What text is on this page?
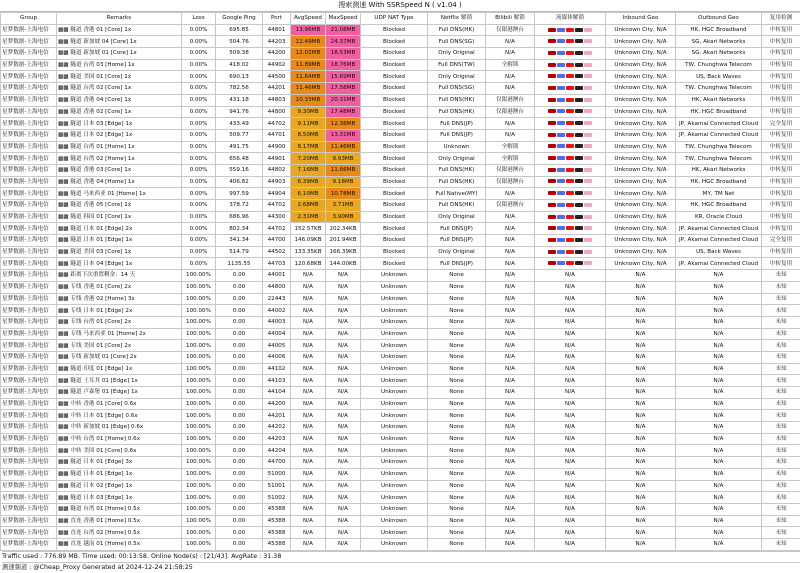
搜索测速 With SSRSpeed N ( v1.04 )
Group	Remarks	Loss	Google Ping	Port	AvgSpeed	MaxSpeed	UDP NAT Type	Netflix 解锁	Bilibili 解锁	流媒体解锁	Inbound Geo	Outbound Geo	复用检测
星梦数据-上海电信	▩▩ 隧道 香港 01 [Core] 1x	0.00%	695.85	44801	13.96MB	21.08MB	Blocked	Full DNS(HK)	仅限港澳台		Unknown City, N/A	HK, HGC Broadband	中转复用
星梦数据-上海电信	▩▩ 隧道 新加坡 04 [Core] 1x	0.00%	504.76	44203	12.49MB	24.37MB	Blocked	Full DNS(SG)	N/A		Unknown City, N/A	SG, Akari Networks	中转复用
星梦数据-上海电信	▩▩ 隧道 新加坡 01 [Core] 1x	0.00%	509.38	44200	12.02MB	18.53MB	Blocked	Only Original	N/A		Unknown City, N/A	SG, Akari Networks	中转复用
星梦数据-上海电信	▩▩ 隧道 台湾 03 [Home] 1x	0.00%	418.02	44902	11.89MB	18.76MB	Blocked	Full DNS(TW)	全解锁		Unknown City, N/A	TW, Chunghwa Telecom	中转复用
星梦数据-上海电信	▩▩ 隧道 美国 01 [Core] 1x	0.00%	690.13	44500	11.64MB	15.69MB	Blocked	Only Original	N/A		Unknown City, N/A	US, Back Waves	中转复用
星梦数据-上海电信	▩▩ 隧道 台湾 02 [Core] 1x	0.00%	782.56	44201	11.46MB	17.58MB	Blocked	Full DNS(SG)	N/A		Unknown City, N/A	TW, Chunghwa Telecom	中转复用
星梦数据-上海电信	▩▩ 隧道 香港 04 [Core] 1x	0.00%	431.18	44803	10.33MB	20.31MB	Blocked	Full DNS(HK)	仅限港澳台		Unknown City, N/A	HK, Akari Networks	中转复用
星梦数据-上海电信	▩▩ 隧道 香港 02 [Core] 1x	0.00%	941.76	44800	9.30MB	17.48MB	Blocked	Full DNS(HK)	仅限港澳台		Unknown City, N/A	HK, HGC Broadband	中转复用
星梦数据-上海电信	▩▩ 隧道 日本 03 [Edge] 1x	0.00%	433.49	44702	9.11MB	12.38MB	Blocked	Full DNS(JP)	N/A		Unknown City, N/A	JP, Akamai Connected Cloud	完全复用
星梦数据-上海电信	▩▩ 隧道 日本 02 [Edge] 1x	0.00%	509.77	44701	8.50MB	13.31MB	Blocked	Full DNS(JP)	N/A		Unknown City, N/A	JP, Akamai Connected Cloud	中转复用
星梦数据-上海电信	▩▩ 隧道 台湾 01 [Home] 1x	0.00%	491.75	44900	8.17MB	11.46MB	Blocked	Unknown	全解锁		Unknown City, N/A	TW, Chunghwa Telecom	中转复用
星梦数据-上海电信	▩▩ 隧道 台湾 02 [Home] 1x	0.00%	656.48	44901	7.20MB	9.93MB	Blocked	Only Original	全解锁		Unknown City, N/A	TW, Chunghwa Telecom	中转复用
星梦数据-上海电信	▩▩ 隧道 香港 03 [Core] 1x	0.00%	559.16	44802	7.16MB	11.66MB	Blocked	Full DNS(HK)	仅限港澳台		Unknown City, N/A	HK, Akari Networks	中转复用
星梦数据-上海电信	▩▩ 隧道 香港 04 [Home] 1x	0.00%	406.82	44903	6.39MB	9.18MB	Blocked	Full DNS(HK)	仅限港澳台		Unknown City, N/A	HK, HGC Broadband	中转复用
星梦数据-上海电信	▩▩ 隧道 马来西亚 01 [Home] 1x	0.00%	997.59	44904	6.10MB	10.78MB	Blocked	Full Native(MY)	N/A		Unknown City, N/A	MY, TM Net	中转复用
星梦数据-上海电信	▩▩ 隧道 香港 05 [Core] 1x	0.00%	378.72	44702	2.68MB	3.71MB	Blocked	Full DNS(HK)	仅限港澳台		Unknown City, N/A	HK, HGC Broadband	中转复用
星梦数据-上海电信	▩▩ 隧道 韩国 01 [Core] 1x	0.00%	686.96	44300	2.31MB	3.90MB	Blocked	Only Original	N/A		Unknown City, N/A	KR, Oracle Cloud	中转复用
星梦数据-上海电信	▩▩ 隧道 日本 01 [Edge] 2x	0.00%	802.34	44702	152.57KB	202.34KB	Blocked	Full DNS(JP)	N/A		Unknown City, N/A	JP, Akamai Connected Cloud	中转复用
星梦数据-上海电信	▩▩ 隧道 日本 01 [Edge] 1x	0.00%	341.34	44700	146.09KB	201.94KB	Blocked	Full DNS(JP)	N/A		Unknown City, N/A	JP, Akamai Connected Cloud	完全复用
星梦数据-上海电信	▩▩ 隧道 美国 03 [Core] 1x	0.00%	514.79	44502	133.35KB	166.39KB	Blocked	Only Original	N/A		Unknown City, N/A	US, Back Waves	中转复用
星梦数据-上海电信	▩▩ 隧道 日本 04 [Edge] 1x	0.00%	1135.55	44703	120.68KB	144.00KB	Blocked	Full DNS(JP)	N/A		Unknown City, N/A	JP, Akamai Connected Cloud	中转复用
星梦数据-上海电信	▩▩ 距离下次重置剩余：14 天	100.00%	0.00	44001	N/A	N/A	Unknown	None	N/A	N/A	N/A	N/A	未知
星梦数据-上海电信	▩▩ 专线 香港 01 [Core] 2x	100.00%	0.00	44800	N/A	N/A	Unknown	None	N/A	N/A	N/A	N/A	未知
星梦数据-上海电信	▩▩ 专线 香港 02 [Home] 3x	100.00%	0.00	22443	N/A	N/A	Unknown	None	N/A	N/A	N/A	N/A	未知
星梦数据-上海电信	▩▩ 专线 日本 01 [Edge] 2x	100.00%	0.00	44002	N/A	N/A	Unknown	None	N/A	N/A	N/A	N/A	未知
星梦数据-上海电信	▩▩ 专线 台湾 01 [Core] 2x	100.00%	0.00	44003	N/A	N/A	Unknown	None	N/A	N/A	N/A	N/A	未知
星梦数据-上海电信	▩▩ 专线 马来西亚 01 [Home] 2x	100.00%	0.00	44004	N/A	N/A	Unknown	None	N/A	N/A	N/A	N/A	未知
星梦数据-上海电信	▩▩ 专线 美国 01 [Core] 2x	100.00%	0.00	44005	N/A	N/A	Unknown	None	N/A	N/A	N/A	N/A	未知
星梦数据-上海电信	▩▩ 专线 新加坡 01 [Core] 2x	100.00%	0.00	44006	N/A	N/A	Unknown	None	N/A	N/A	N/A	N/A	未知
星梦数据-上海电信	▩▩ 隧道 印度 01 [Edge] 1x	100.00%	0.00	44102	N/A	N/A	Unknown	None	N/A	N/A	N/A	N/A	未知
星梦数据-上海电信	▩▩ 隧道 土耳其 01 [Edge] 1x	100.00%	0.00	44103	N/A	N/A	Unknown	None	N/A	N/A	N/A	N/A	未知
星梦数据-上海电信	▩▩ 隧道 卢森堡 01 [Edge] 1x	100.00%	0.00	44104	N/A	N/A	Unknown	None	N/A	N/A	N/A	N/A	未知
星梦数据-上海电信	▩▩ 中转 香港 01 [Core] 0.6x	100.00%	0.00	44200	N/A	N/A	Unknown	None	N/A	N/A	N/A	N/A	未知
星梦数据-上海电信	▩▩ 中转 日本 01 [Edge] 0.6x	100.00%	0.00	44201	N/A	N/A	Unknown	None	N/A	N/A	N/A	N/A	未知
星梦数据-上海电信	▩▩ 中转 新加坡 01 [Edge] 0.6x	100.00%	0.00	44202	N/A	N/A	Unknown	None	N/A	N/A	N/A	N/A	未知
星梦数据-上海电信	▩▩ 中转 台湾 01 [Home] 0.6x	100.00%	0.00	44203	N/A	N/A	Unknown	None	N/A	N/A	N/A	N/A	未知
星梦数据-上海电信	▩▩ 中转 美国 01 [Core] 0.6x	100.00%	0.00	44204	N/A	N/A	Unknown	None	N/A	N/A	N/A	N/A	未知
星梦数据-上海电信	▩▩ 隧道 日本 01 [Edge] 3x	100.00%	0.00	44700	N/A	N/A	Unknown	None	N/A	N/A	N/A	N/A	未知
星梦数据-上海电信	▩▩ 隧道 日本 01 [Edge] 1x	100.00%	0.00	51000	N/A	N/A	Unknown	None	N/A	N/A	N/A	N/A	未知
星梦数据-上海电信	▩▩ 隧道 日本 02 [Edge] 1x	100.00%	0.00	51001	N/A	N/A	Unknown	None	N/A	N/A	N/A	N/A	未知
星梦数据-上海电信	▩▩ 隧道 日本 03 [Edge] 1x	100.00%	0.00	51002	N/A	N/A	Unknown	None	N/A	N/A	N/A	N/A	未知
星梦数据-上海电信	▩▩ 隧道 台湾 01 [Home] 0.5x	100.00%	0.00	45388	N/A	N/A	Unknown	None	N/A	N/A	N/A	N/A	未知
星梦数据-上海电信	▩▩ 直连 香港 01 [Home] 0.5x	100.00%	0.00	45388	N/A	N/A	Unknown	None	N/A	N/A	N/A	N/A	未知
星梦数据-上海电信	▩▩ 直连 台湾 02 [Home] 0.5x	100.00%	0.00	45388	N/A	N/A	Unknown	None	N/A	N/A	N/A	N/A	未知
星梦数据-上海电信	▩▩ 直连 越南 01 [Home] 0.5x	100.00%	0.00	45388	N/A	N/A	Unknown	None	N/A	N/A	N/A	N/A	未知
Traffic used : 776.89 MB. Time used: 00:13:58. Online Node(s) : [21/43]. AvgRate : 31.38
测速频道 : @Cheap_Proxy Generated at 2024-12-24 21:58:25
